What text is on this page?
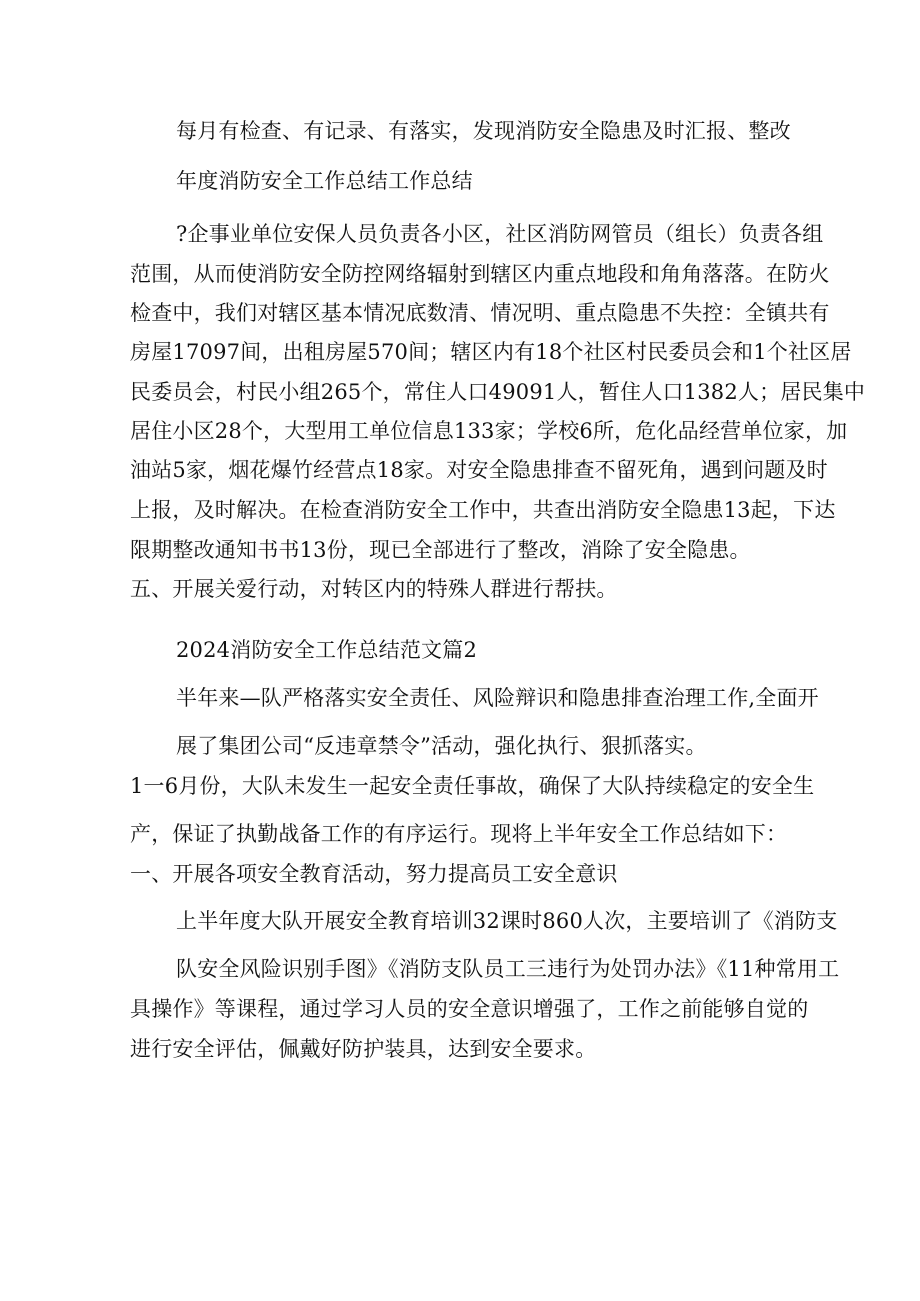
每月有检查、有记录、有落实，发现消防安全隐患及时汇报、整改
年度消防安全工作总结工作总结
?企事业单位安保人员负责各小区，社区消防网管员（组长）负责各组
范围，从而使消防安全防控网络辐射到辖区内重点地段和角角落落。在防火
检查中，我们对辖区基本情况底数清、情况明、重点隐患不失控：全镇共有
房屋17097间，出租房屋570间；辖区内有18个社区村民委员会和1个社区居
民委员会，村民小组265个，常住人口49091人，暂住人口1382人；居民集中
居住小区28个，大型用工单位信息133家；学校6所，危化品经营单位家，加
油站5家，烟花爆竹经营点18家。对安全隐患排查不留死角，遇到问题及时
上报，及时解决。在检查消防安全工作中，共查出消防安全隐患13起，下达
限期整改通知书书13份，现已全部进行了整改，消除了安全隐患。
五、开展关爱行动，对转区内的特殊人群进行帮扶。
2024消防安全工作总结范文篇2
半年来—队严格落实安全责任、风险辩识和隐患排查治理工作,全面开
展了集团公司“反违章禁令”活动，强化执行、狠抓落实。
1一6月份，大队未发生一起安全责任事故，确保了大队持续稳定的安全生
产，保证了执勤战备工作的有序运行。现将上半年安全工作总结如下：
一、开展各项安全教育活动，努力提高员工安全意识
上半年度大队开展安全教育培训32课时860人次，主要培训了《消防支
队安全风险识别手图》《消防支队员工三违行为处罚办法》《11种常用工
具操作》等课程，通过学习人员的安全意识增强了，工作之前能够自觉的
进行安全评估，佩戴好防护装具，达到安全要求。
